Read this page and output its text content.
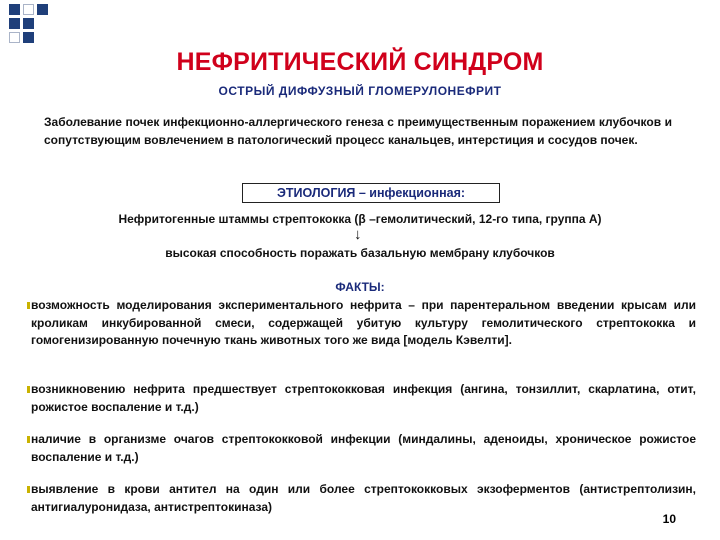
НЕФРИТИЧЕСКИЙ СИНДРОМ
ОСТРЫЙ ДИФФУЗНЫЙ ГЛОМЕРУЛОНЕФРИТ
Заболевание почек инфекционно-аллергического генеза с преимущественным поражением клубочков и сопутствующим вовлечением в патологический процесс канальцев, интерстиция и сосудов почек.
ЭТИОЛОГИЯ – инфекционная:
Нефритогенные штаммы стрептококка (β –гемолитический, 12-го типа, группа А)
↓
высокая способность поражать базальную мембрану клубочков
ФАКТЫ:
возможность моделирования экспериментального нефрита – при парентеральном введении крысам или кроликам инкубированной смеси, содержащей убитую культуру гемолитического стрептококка и гомогенизированную почечную ткань животных того же вида [модель Кэвелти].
возникновению нефрита предшествует стрептококковая инфекция (ангина, тонзиллит, скарлатина, отит, рожистое воспаление и т.д.)
наличие в организме очагов стрептококковой инфекции (миндалины, аденоиды, хроническое рожистое воспаление и т.д.)
выявление в крови антител на один или более стрептококковых экзоферментов (антистрептолизин, антигиалуронидаза, антистрептокиназа)
10
